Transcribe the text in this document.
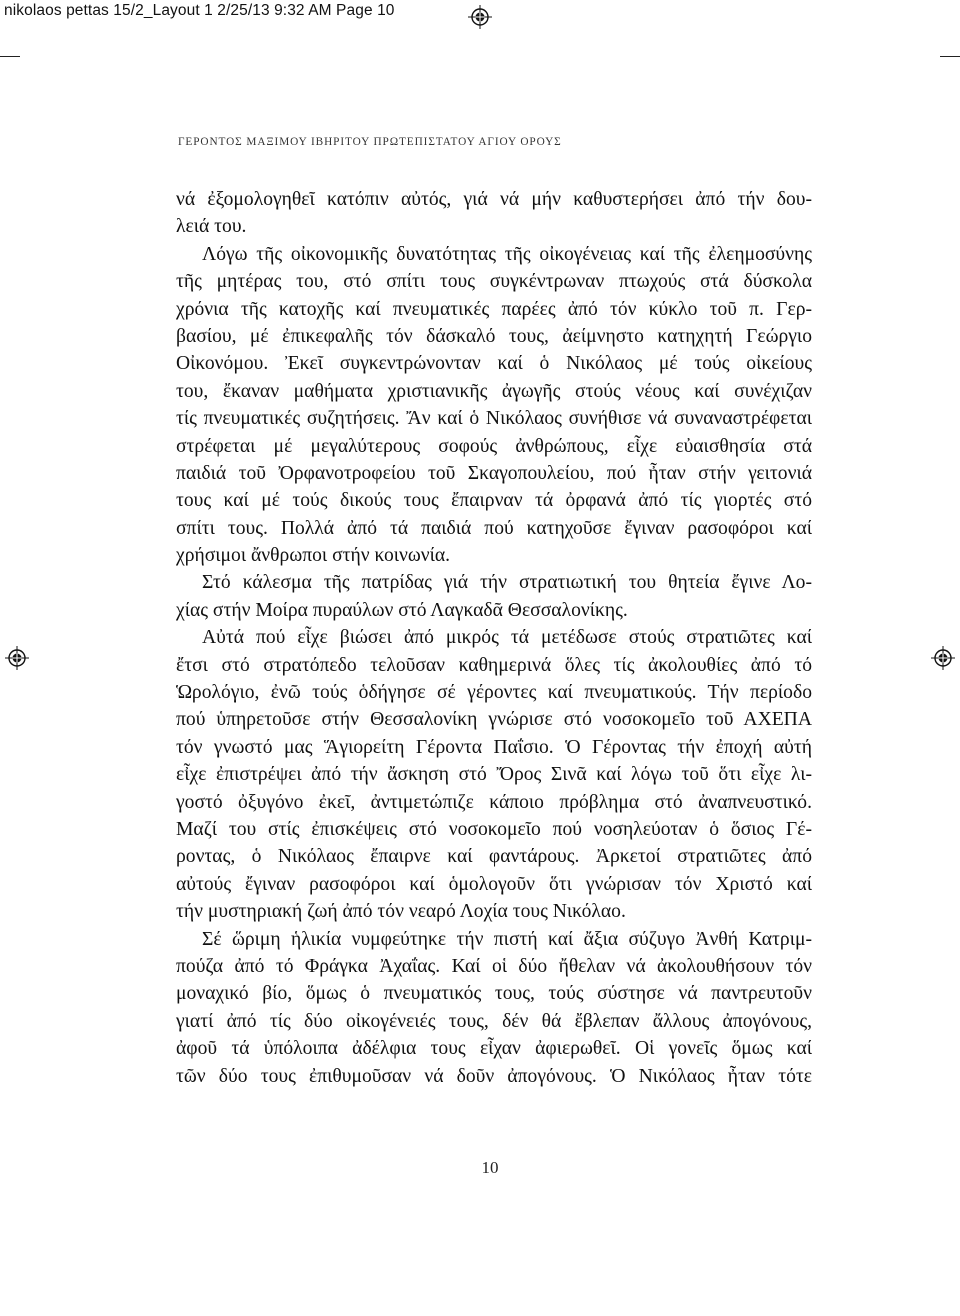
nikolaos pettas 15/2_Layout 1 2/25/13 9:32 AM Page 10
ΓΕΡΟΝΤΟΣ ΜΑΞΙΜΟΥ ΙΒΗΡΙΤΟΥ ΠΡΩΤΕΠΙΣΤΑΤΟΥ ΑΓΙΟΥ ΟΡΟΥΣ
νά ἐξομολογηθεῖ κατόπιν αὐτός, γιά νά μήν καθυστερήσει ἀπό τήν δου-
λειά του.
Λόγω τῆς οἰκονομικῆς δυνατότητας τῆς οἰκογένειας καί τῆς ἐλεημοσύνης
τῆς μητέρας του, στό σπίτι τους συγκέντρωναν πτωχούς στά δύσκολα
χρόνια τῆς κατοχῆς καί πνευματικές παρέες ἀπό τόν κύκλο τοῦ π. Γερ-
βασίου, μέ ἐπικεφαλῆς τόν δάσκαλό τους, ἀείμνηστο κατηχητή Γεώργιο
Οἰκονόμου. Ἐκεῖ συγκεντρώνονταν καί ὁ Νικόλαος μέ τούς οἰκείους
του, ἔκαναν μαθήματα χριστιανικῆς ἀγωγῆς στούς νέους καί συνέχιζαν
τίς πνευματικές συζητήσεις. Ἄν καί ὁ Νικόλαος συνήθισε νά συναναστρέφεται
στρέφεται μέ μεγαλύτερους σοφούς ἀνθρώπους, εἶχε εὐαισθησία στά
παιδιά τοῦ Ὀρφανοτροφείου τοῦ Σκαγοπουλείου, πού ἦταν στήν γειτονιά
τους καί μέ τούς δικούς τους ἔπαιρναν τά ὀρφανά ἀπό τίς γιορτές στό
σπίτι τους. Πολλά ἀπό τά παιδιά πού κατηχοῦσε ἔγιναν ρασοφόροι καί
χρήσιμοι ἄνθρωποι στήν κοινωνία.
Στό κάλεσμα τῆς πατρίδας γιά τήν στρατιωτική του θητεία ἔγινε Λο-
χίας στήν Μοίρα πυραύλων στό Λαγκαδᾶ Θεσσαλονίκης.
Αὐτά πού εἶχε βιώσει ἀπό μικρός τά μετέδωσε στούς στρατιῶτες καί
ἔτσι στό στρατόπεδο τελοῦσαν καθημερινά ὅλες τίς ἀκολουθίες ἀπό τό
Ὡρολόγιο, ἐνῶ τούς ὁδήγησε σέ γέροντες καί πνευματικούς. Τήν περίοδο
πού ὑπηρετοῦσε στήν Θεσσαλονίκη γνώρισε στό νοσοκομεῖο τοῦ ΑΧΕΠΑ
τόν γνωστό μας Ἅγιορείτη Γέροντα Παΐσιο. Ὁ Γέροντας τήν ἐποχή αὐτή
εἶχε ἐπιστρέψει ἀπό τήν ἄσκηση στό Ὄρος Σινᾶ καί λόγω τοῦ ὅτι εἶχε λι-
γοστό ὀξυγόνο ἐκεῖ, ἀντιμετώπιζε κάποιο πρόβλημα στό ἀναπνευστικό.
Μαζί του στίς ἐπισκέψεις στό νοσοκομεῖο πού νοσηλεύοταν ὁ ὅσιος Γέ-
ροντας, ὁ Νικόλαος ἔπαιρνε καί φαντάρους. Ἀρκετοί στρατιῶτες ἀπό
αὐτούς ἔγιναν ρασοφόροι καί ὁμολογοῦν ὅτι γνώρισαν τόν Χριστό καί
τήν μυστηριακή ζωή ἀπό τόν νεαρό Λοχία τους Νικόλαο.
Σέ ὥριμη ἡλικία νυμφεύτηκε τήν πιστή καί ἄξια σύζυγο Ἀνθή Κατριμ-
πούζα ἀπό τό Φράγκα Ἀχαΐας. Καί οἱ δύο ἤθελαν νά ἀκολουθήσουν τόν
μοναχικό βίο, ὅμως ὁ πνευματικός τους, τούς σύστησε νά παντρευτοῦν
γιατί ἀπό τίς δύο οἰκογένειές τους, δέν θά ἔβλεπαν ἄλλους ἀπογόνους,
ἀφοῦ τά ὑπόλοιπα ἀδέλφια τους εἶχαν ἀφιερωθεῖ. Οἱ γονεῖς ὅμως καί
τῶν δύο τους ἐπιθυμοῦσαν νά δοῦν ἀπογόνους. Ὁ Νικόλαος ἦταν τότε
10
